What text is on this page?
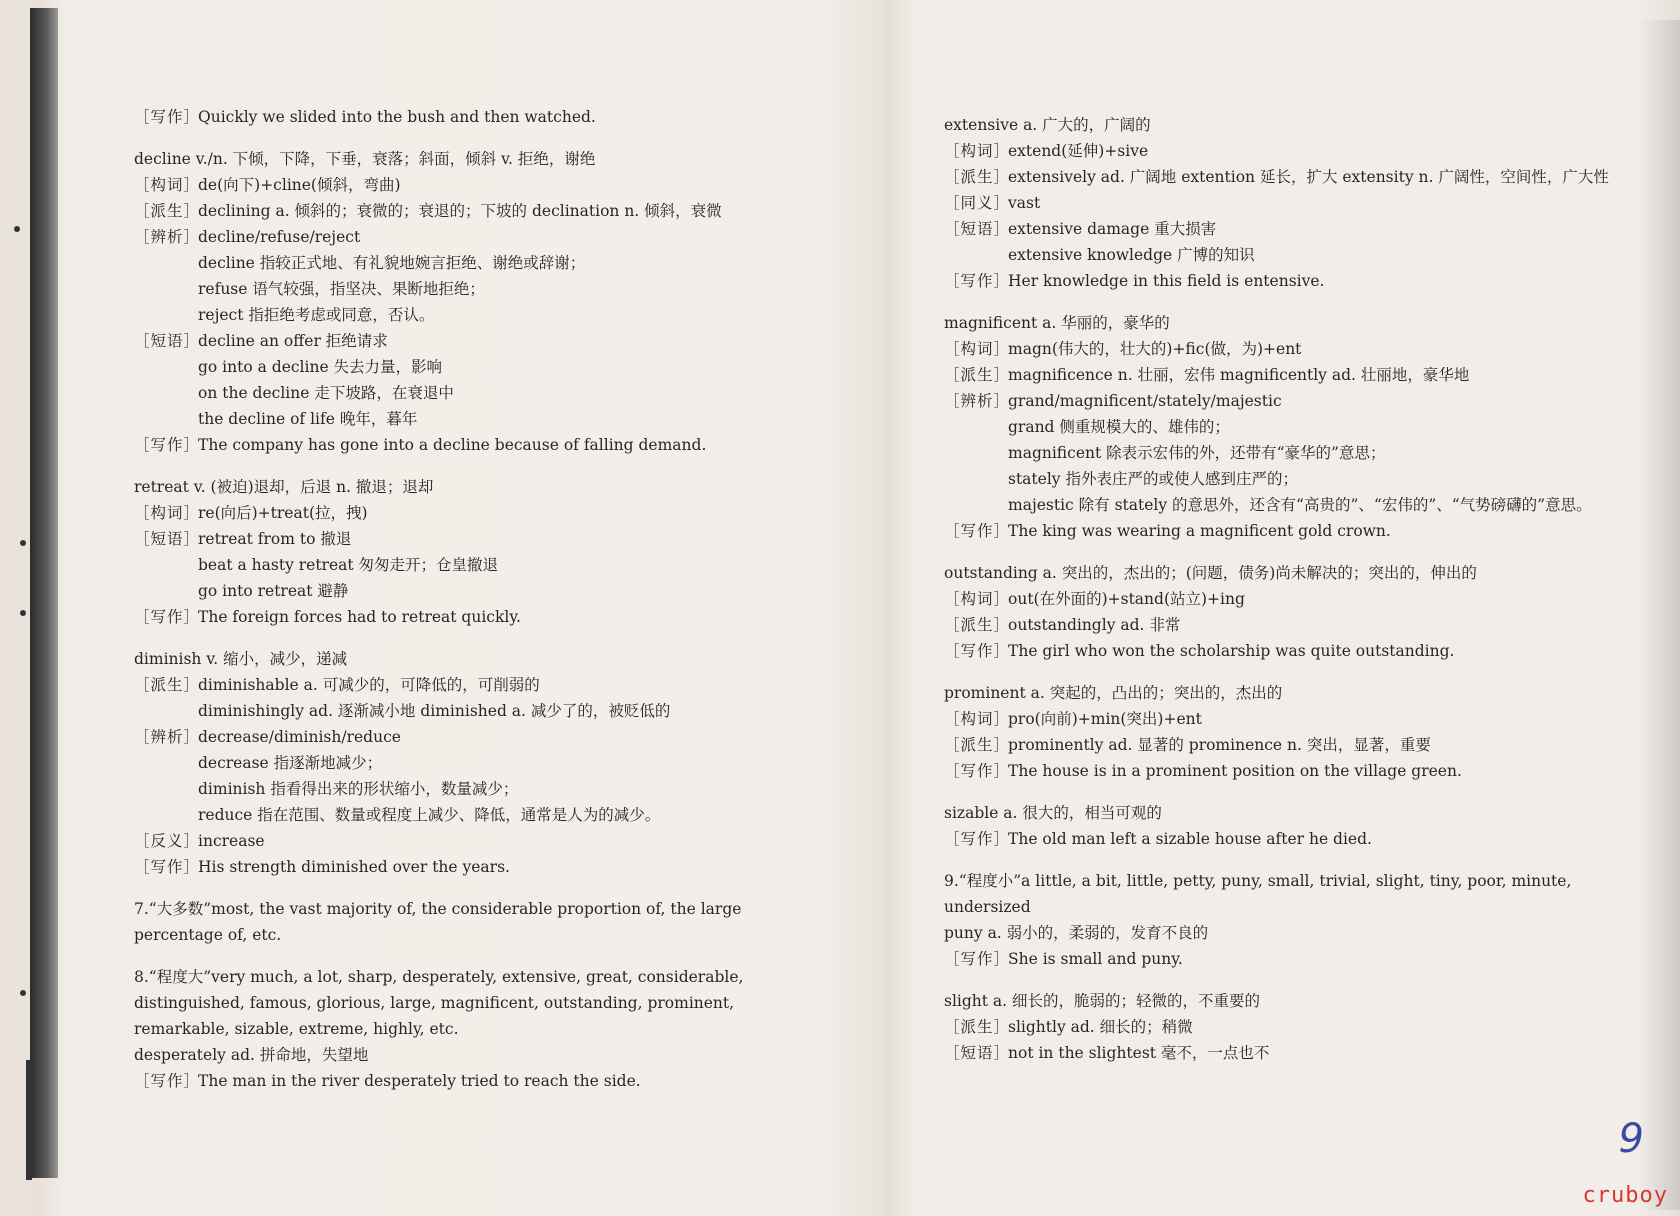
［写作］
Quickly we slided into the bush and then watched.
decline v./n. 下倾，下降，下垂，衰落；斜面，倾斜 v. 拒绝，谢绝
［构词］
de(向下)+cline(倾斜，弯曲)
［派生］
declining a. 倾斜的；衰微的；衰退的；下坡的 declination n. 倾斜，衰微
［辨析］
decline/refuse/reject
decline 指较正式地、有礼貌地婉言拒绝、谢绝或辞谢；
refuse 语气较强，指坚决、果断地拒绝；
reject 指拒绝考虑或同意，否认。
［短语］
decline an offer 拒绝请求
go into a decline 失去力量，影响
on the decline 走下坡路，在衰退中
the decline of life 晚年，暮年
［写作］
The company has gone into a decline because of falling demand.
retreat v. (被迫)退却，后退 n. 撤退；退却
［构词］
re(向后)+treat(拉，拽)
［短语］
retreat from to 撤退
beat a hasty retreat 匆匆走开；仓皇撤退
go into retreat 避静
［写作］
The foreign forces had to retreat quickly.
diminish v. 缩小，减少，递减
［派生］
diminishable a. 可减少的，可降低的，可削弱的
diminishingly ad. 逐渐减小地 diminished a. 减少了的，被贬低的
［辨析］
decrease/diminish/reduce
decrease 指逐渐地减少；
diminish 指看得出来的形状缩小，数量减少；
reduce 指在范围、数量或程度上减少、降低，通常是人为的减少。
［反义］
increase
［写作］
His strength diminished over the years.
7.“大多数”most, the vast majority of, the considerable proportion of, the large percentage of, etc.
8.“程度大”very much, a lot, sharp, desperately, extensive, great, considerable, distinguished, famous, glorious, large, magnificent, outstanding, prominent, remarkable, sizable, extreme, highly, etc.
desperately ad. 拼命地，失望地
［写作］
The man in the river desperately tried to reach the side.
extensive a. 广大的，广阔的
［构词］
extend(延伸)+sive
［派生］
extensively ad. 广阔地 extention 延长，扩大 extensity n. 广阔性，空间性，广大性
［同义］
vast
［短语］
extensive damage 重大损害
extensive knowledge 广博的知识
［写作］
Her knowledge in this field is entensive.
magnificent a. 华丽的，豪华的
［构词］
magn(伟大的，壮大的)+fic(做，为)+ent
［派生］
magnificence n. 壮丽，宏伟 magnificently ad. 壮丽地，豪华地
［辨析］
grand/magnificent/stately/majestic
grand 侧重规模大的、雄伟的；
magnificent 除表示宏伟的外，还带有“豪华的”意思；
stately 指外表庄严的或使人感到庄严的；
majestic 除有 stately 的意思外，还含有“高贵的”、“宏伟的”、“气势磅礴的”意思。
［写作］
The king was wearing a magnificent gold crown.
outstanding a. 突出的，杰出的；(问题，债务)尚未解决的；突出的，伸出的
［构词］
out(在外面的)+stand(站立)+ing
［派生］
outstandingly ad. 非常
［写作］
The girl who won the scholarship was quite outstanding.
prominent a. 突起的，凸出的；突出的，杰出的
［构词］
pro(向前)+min(突出)+ent
［派生］
prominently ad. 显著的 prominence n. 突出，显著，重要
［写作］
The house is in a prominent position on the village green.
sizable a. 很大的，相当可观的
［写作］
The old man left a sizable house after he died.
9.“程度小”a little, a bit, little, petty, puny, small, trivial, slight, tiny, poor, minute, undersized
puny a. 弱小的，柔弱的，发育不良的
［写作］
She is small and puny.
slight a. 细长的，脆弱的；轻微的，不重要的
［派生］
slightly ad. 细长的；稍微
［短语］
not in the slightest 毫不，一点也不
9
cruboy
